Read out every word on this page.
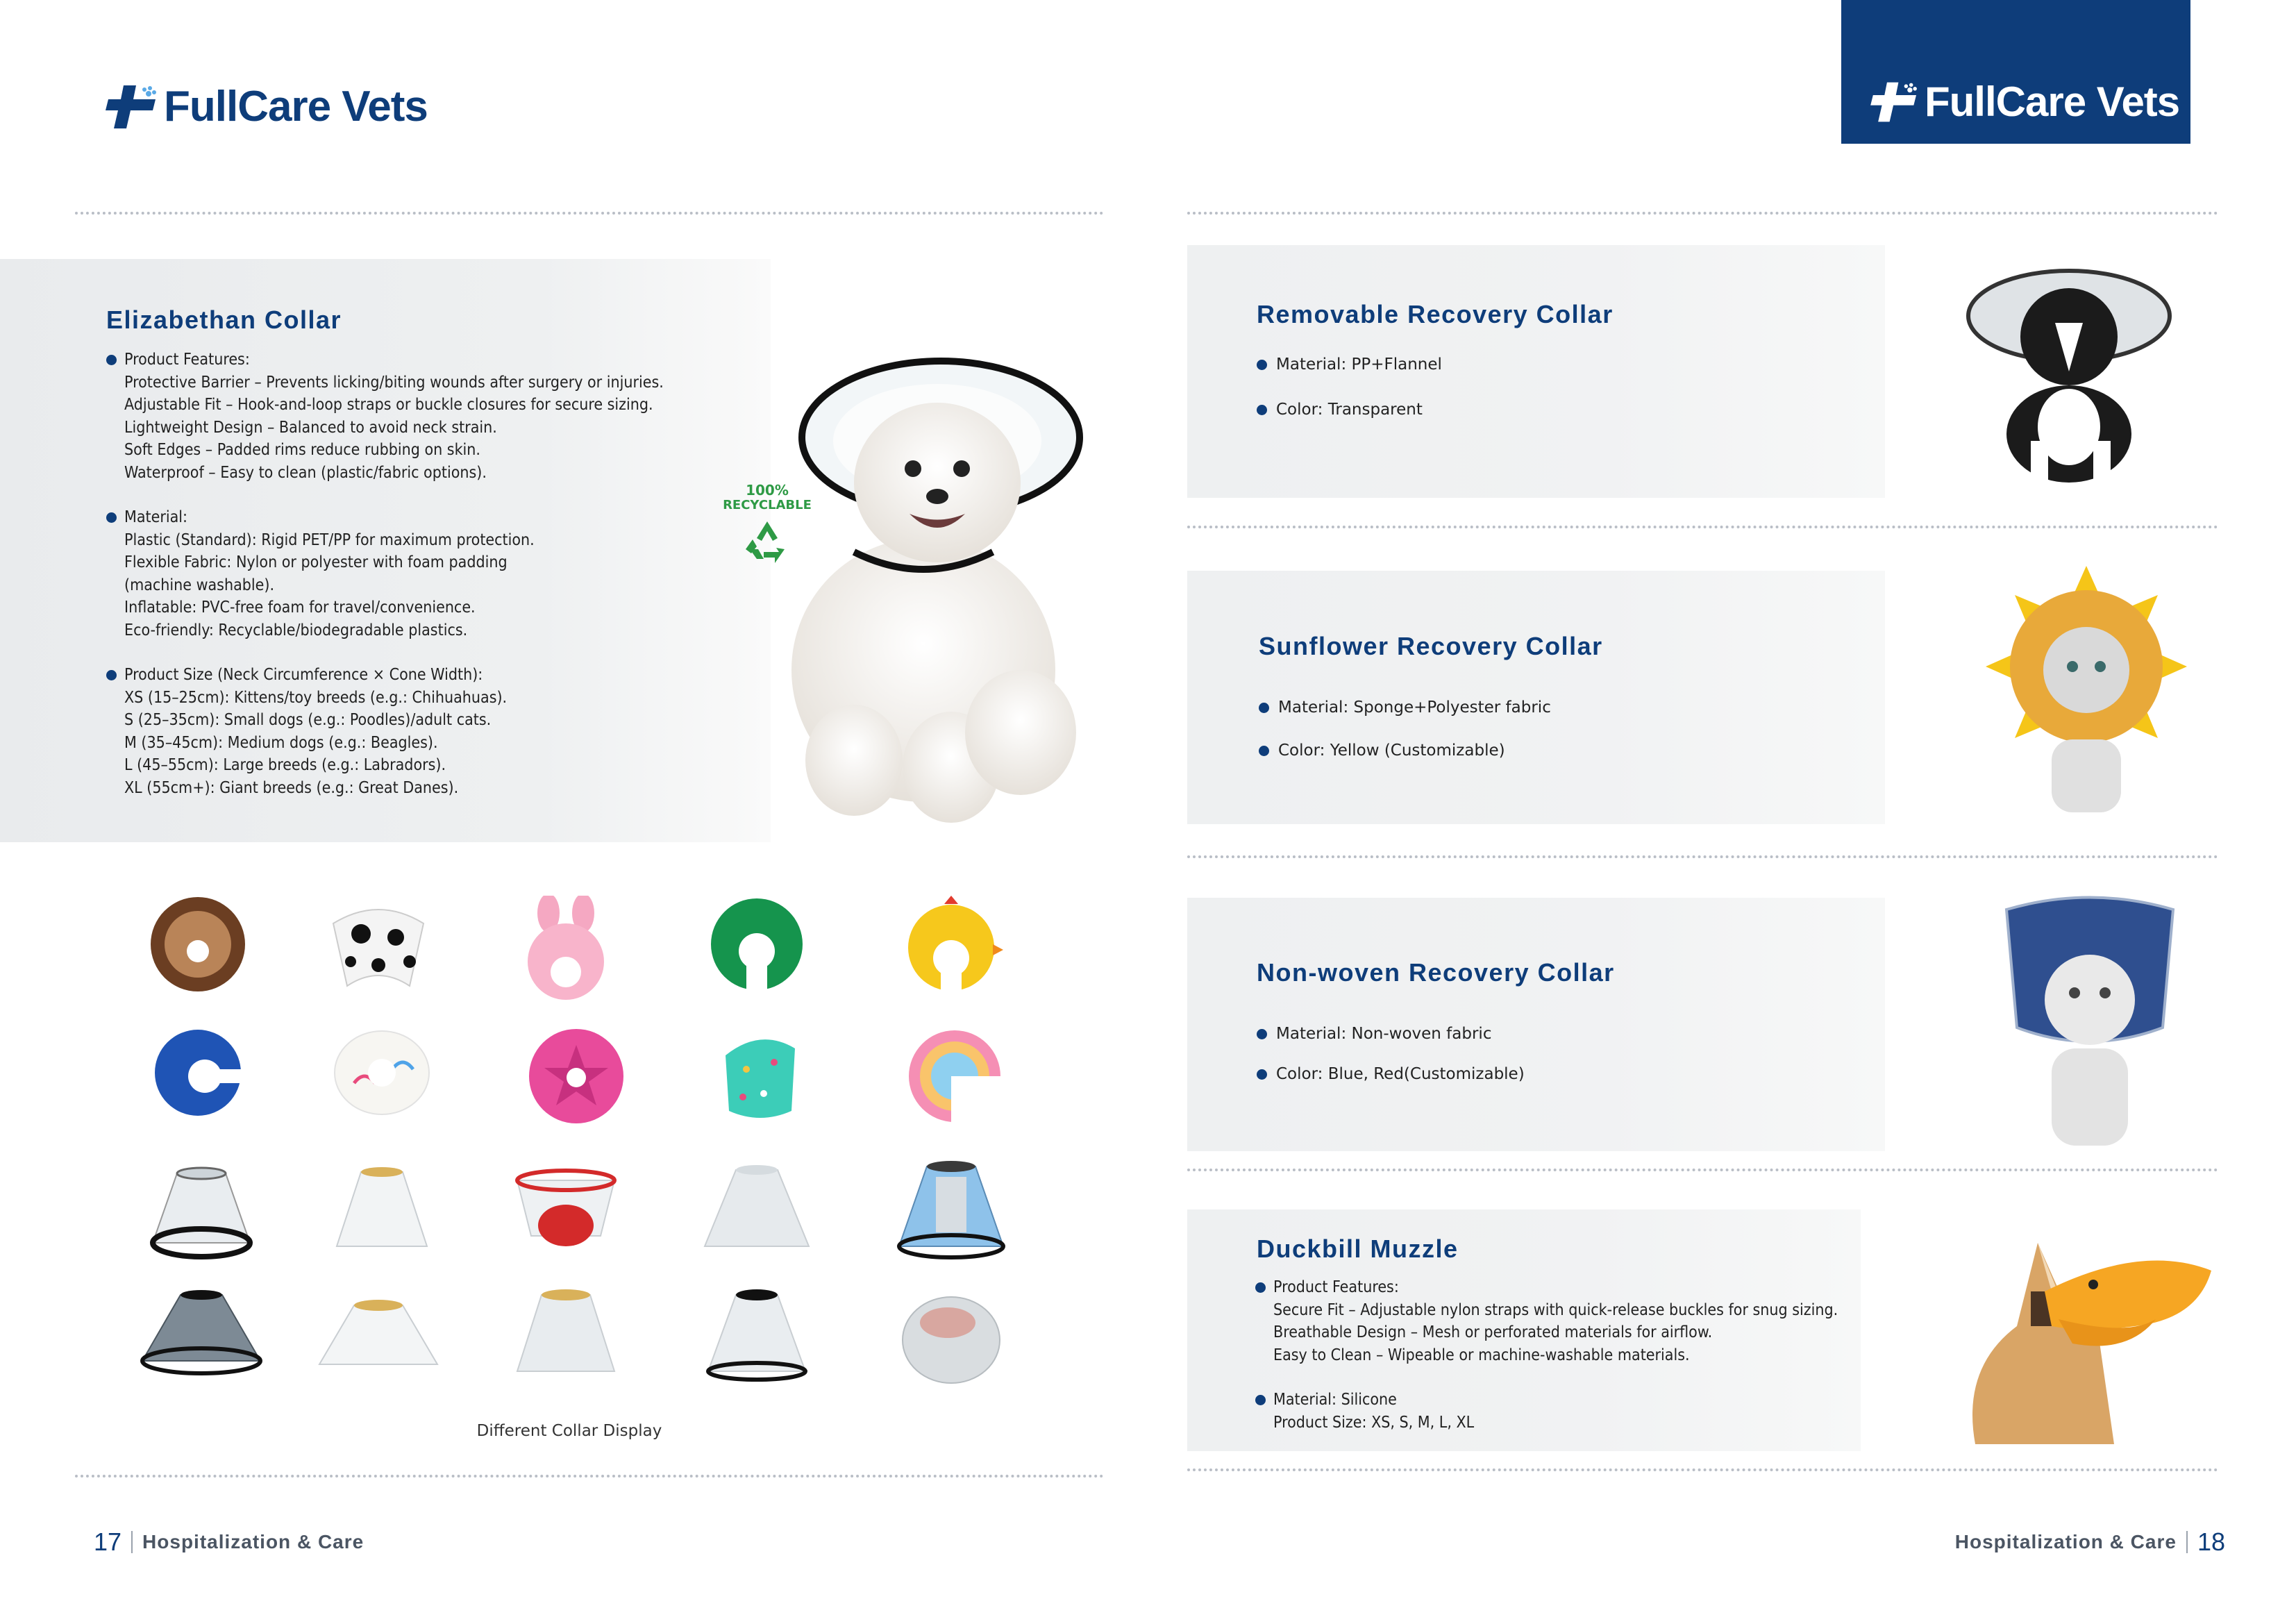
FullCare Vets	FullCare Vets
Elizabethan Collar
Product Features:
Protective Barrier – Prevents licking/biting wounds after surgery or injuries.
Adjustable Fit – Hook-and-loop straps or buckle closures for secure sizing.
Lightweight Design – Balanced to avoid neck strain.
Soft Edges – Padded rims reduce rubbing on skin.
Waterproof – Easy to clean (plastic/fabric options).
Material:
Plastic (Standard): Rigid PET/PP for maximum protection.
Flexible Fabric: Nylon or polyester with foam padding
(machine washable).
Inflatable: PVC-free foam for travel/convenience.
Eco-friendly: Recyclable/biodegradable plastics.
Product Size (Neck Circumference × Cone Width):
XS (15–25cm): Kittens/toy breeds (e.g.: Chihuahuas).
S (25–35cm): Small dogs (e.g.: Poodles)/adult cats.
M (35–45cm): Medium dogs (e.g.: Beagles).
L (45–55cm): Large breeds (e.g.: Labradors).
XL (55cm+): Giant breeds (e.g.: Great Danes).
100%
RECYCLABLE
Different Collar Display
Removable Recovery Collar
Material: PP+Flannel
Color: Transparent
Sunflower Recovery Collar
Material: Sponge+Polyester fabric
Color: Yellow (Customizable)
Non-woven Recovery Collar
Material: Non-woven fabric
Color: Blue, Red(Customizable)
Duckbill Muzzle
Product Features:
Secure Fit – Adjustable nylon straps with quick-release buckles for snug sizing.
Breathable Design – Mesh or perforated materials for airflow.
Easy to Clean – Wipeable or machine-washable materials.
Material: Silicone
Product Size: XS, S, M, L, XL
17 Hospitalization & Care	Hospitalization & Care 18
